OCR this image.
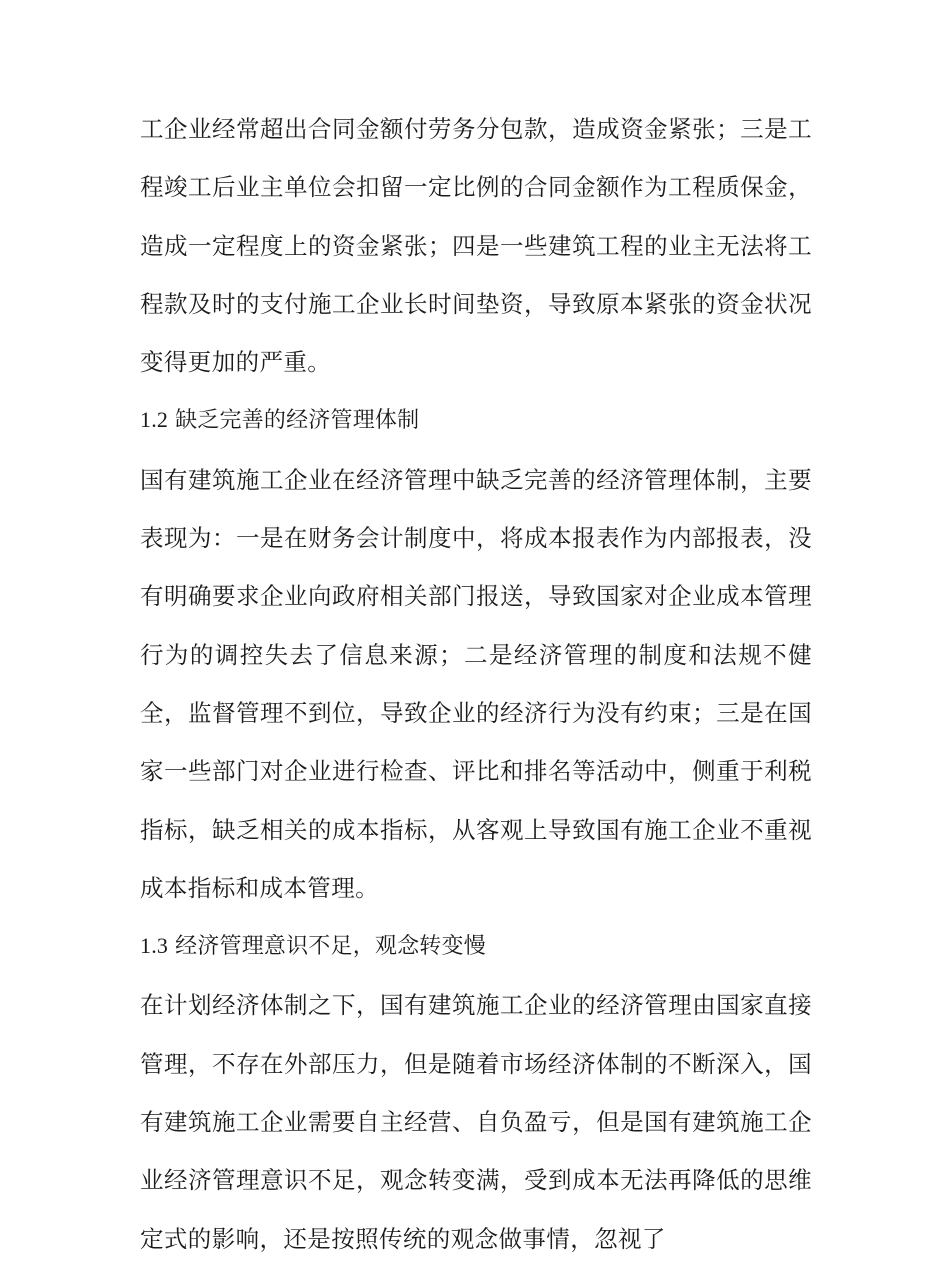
工企业经常超出合同金额付劳务分包款，造成资金紧张；三是工程竣工后业主单位会扣留一定比例的合同金额作为工程质保金，造成一定程度上的资金紧张；四是一些建筑工程的业主无法将工程款及时的支付施工企业长时间垫资，导致原本紧张的资金状况变得更加的严重。

1.2 缺乏完善的经济管理体制

国有建筑施工企业在经济管理中缺乏完善的经济管理体制，主要表现为：一是在财务会计制度中，将成本报表作为内部报表，没有明确要求企业向政府相关部门报送，导致国家对企业成本管理行为的调控失去了信息来源；二是经济管理的制度和法规不健全，监督管理不到位，导致企业的经济行为没有约束；三是在国家一些部门对企业进行检查、评比和排名等活动中，侧重于利税指标，缺乏相关的成本指标，从客观上导致国有施工企业不重视成本指标和成本管理。

1.3 经济管理意识不足，观念转变慢

在计划经济体制之下，国有建筑施工企业的经济管理由国家直接管理，不存在外部压力，但是随着市场经济体制的不断深入，国有建筑施工企业需要自主经营、自负盈亏，但是国有建筑施工企业经济管理意识不足，观念转变满，受到成本无法再降低的思维定式的影响，还是按照传统的观念做事情，忽视了
